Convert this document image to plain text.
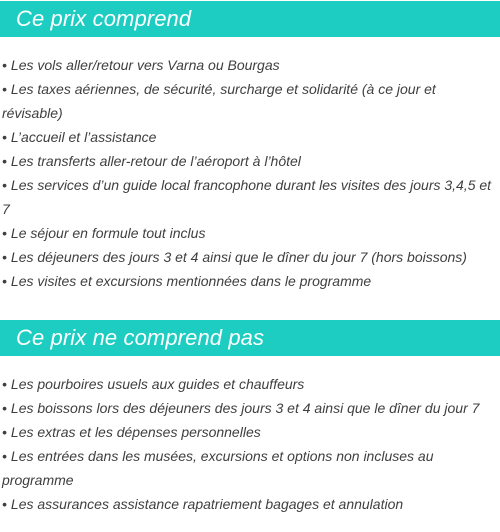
Ce prix comprend
• Les vols aller/retour vers Varna ou Bourgas
• Les taxes aériennes, de sécurité, surcharge et solidarité (à ce jour et révisable)
• L’accueil et l’assistance
• Les transferts aller-retour de l’aéroport à l’hôtel
• Les services d’un guide local francophone durant les visites des jours 3,4,5 et 7
• Le séjour en formule tout inclus
• Les déjeuners des jours 3 et 4 ainsi que le dîner du jour 7 (hors boissons)
• Les visites et excursions mentionnées dans le programme
Ce prix ne comprend pas
• Les pourboires usuels aux guides et chauffeurs
• Les boissons lors des déjeuners des jours 3 et 4 ainsi que le dîner du jour 7
• Les extras et les dépenses personnelles
• Les entrées dans les musées, excursions et options non incluses au programme
• Les assurances assistance rapatriement bagages et annulation
